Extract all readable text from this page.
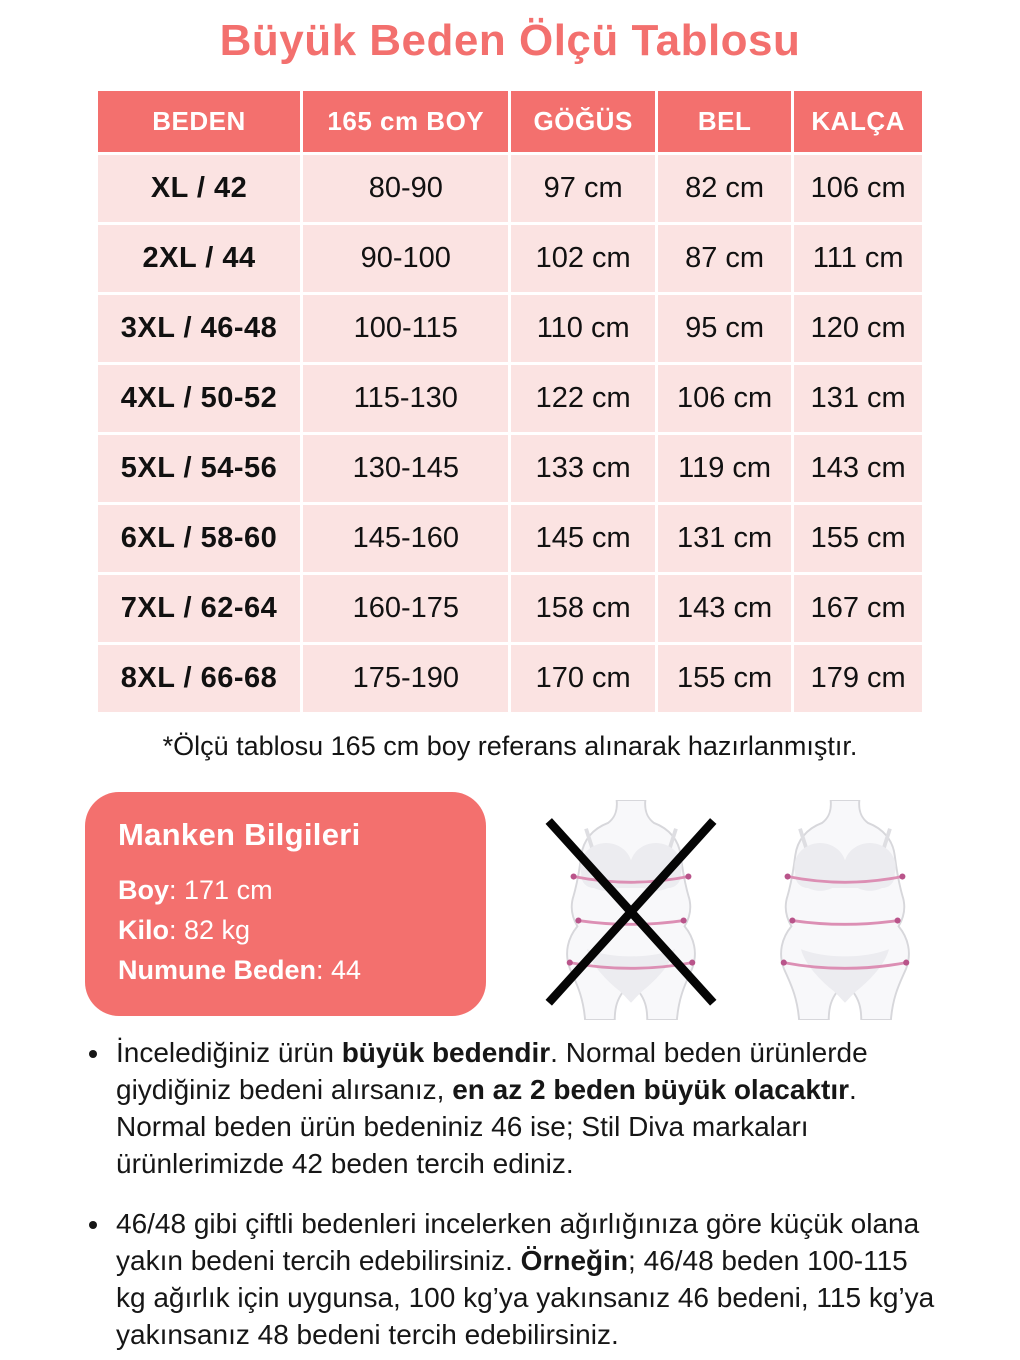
Büyük Beden Ölçü Tablosu
BEDEN	165 cm BOY	GÖĞÜS	BEL	KALÇA
XL / 42	80-90	97 cm	82 cm	106 cm
2XL / 44	90-100	102 cm	87 cm	111 cm
3XL / 46-48	100-115	110 cm	95 cm	120 cm
4XL / 50-52	115-130	122 cm	106 cm	131 cm
5XL / 54-56	130-145	133 cm	119 cm	143 cm
6XL / 58-60	145-160	145 cm	131 cm	155 cm
7XL / 62-64	160-175	158 cm	143 cm	167 cm
8XL / 66-68	175-190	170 cm	155 cm	179 cm

*Ölçü tablosu 165 cm boy referans alınarak hazırlanmıştır.

Manken Bilgileri

Boy: 171 cm

Kilo: 82 kg

Numune Beden: 44

• İncelediğiniz ürün büyük bedendir. Normal beden ürünlerde giydiğiniz bedeni alırsanız, en az 2 beden büyük olacaktır. Normal beden ürün bedeniniz 46 ise; Stil Diva markaları ürünlerimizde 42 beden tercih ediniz.
• 46/48 gibi çiftli bedenleri incelerken ağırlığınıza göre küçük olana yakın bedeni tercih edebilirsiniz. Örneğin; 46/48 beden 100-115 kg ağırlık için uygunsa, 100 kg’ya yakınsanız 46 bedeni, 115 kg’ya yakınsanız 48 bedeni tercih edebilirsiniz.
